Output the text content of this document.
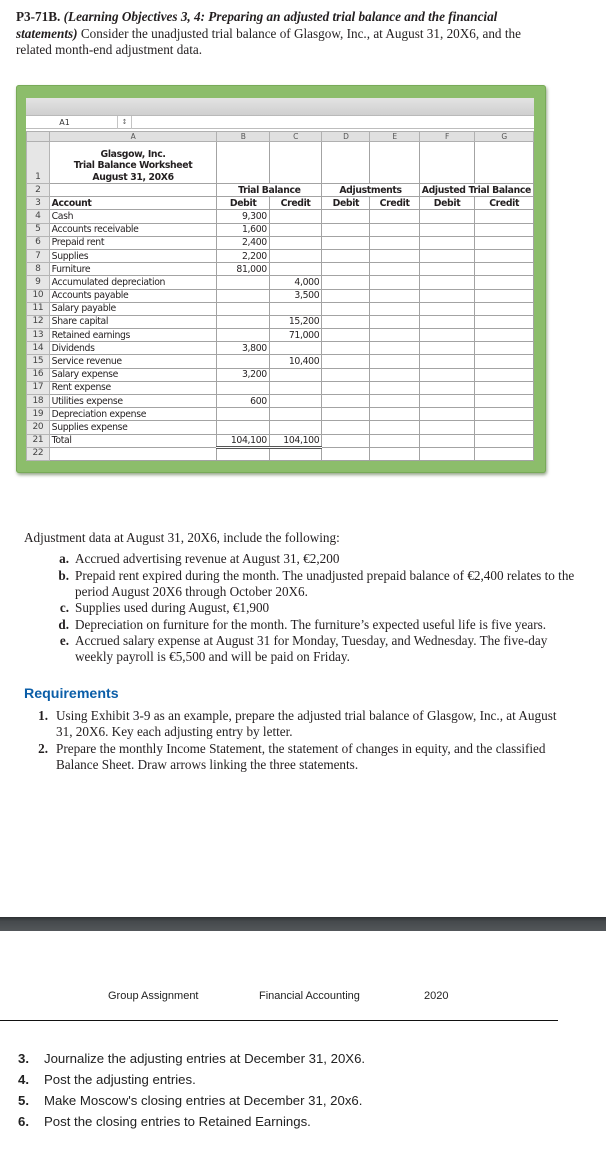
P3-71B. (Learning Objectives 3, 4: Preparing an adjusted trial balance and the financial statements) Consider the unadjusted trial balance of Glasgow, Inc., at August 31, 20X6, and the related month-end adjustment data.
A1	↕
	A	B	C	D	E	F	G
1	Glasgow, Inc.
Trial Balance Worksheet
August 31, 20X6						

2		Trial Balance		Adjustments		Adjusted Trial Balance	
3	Account	Debit	Credit	Debit	Credit	Debit	Credit
4	Cash	9,300					
5	Accounts receivable	1,600					
6	Prepaid rent	2,400					
7	Supplies	2,200					
8	Furniture	81,000					
9	Accumulated depreciation		4,000				
10	Accounts payable		3,500				
11	Salary payable						
12	Share capital		15,200				
13	Retained earnings		71,000				
14	Dividends	3,800					
15	Service revenue		10,400				
16	Salary expense	3,200					
17	Rent expense						
18	Utilities expense	600					
19	Depreciation expense						
20	Supplies expense						
21	Total	104,100	104,100				
22							
Adjustment data at August 31, 20X6, include the following:
a. Accrued advertising revenue at August 31, €2,200
b. Prepaid rent expired during the month. The unadjusted prepaid balance of €2,400 relates to the period August 20X6 through October 20X6.
c. Supplies used during August, €1,900
d. Depreciation on furniture for the month. The furniture’s expected useful life is five years.
e. Accrued salary expense at August 31 for Monday, Tuesday, and Wednesday. The five-day weekly payroll is €5,500 and will be paid on Friday.
Requirements
1. Using Exhibit 3-9 as an example, prepare the adjusted trial balance of Glasgow, Inc., at August 31, 20X6. Key each adjusting entry by letter.
2. Prepare the monthly Income Statement, the statement of changes in equity, and the classified Balance Sheet. Draw arrows linking the three statements.
Group Assignment	Financial Accounting	2020
3. Journalize the adjusting entries at December 31, 20X6.
4. Post the adjusting entries.
5. Make Moscow's closing entries at December 31, 20x6.
6. Post the closing entries to Retained Earnings.
